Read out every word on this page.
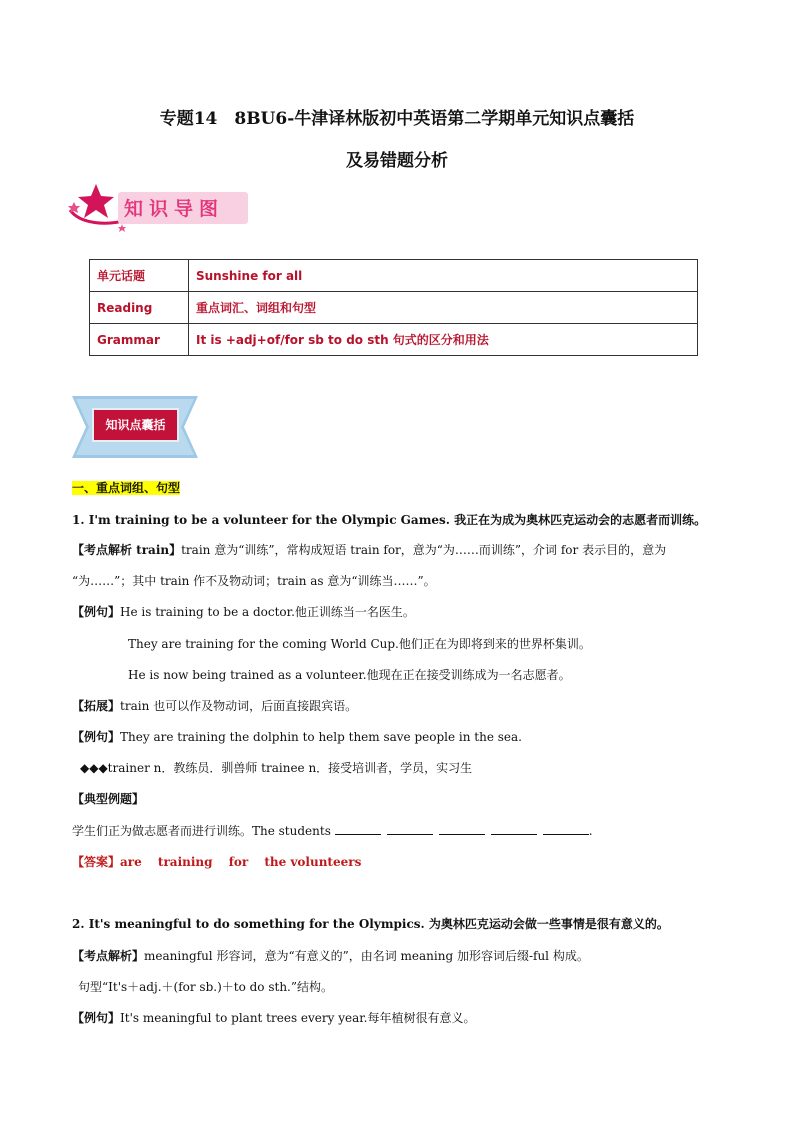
专题14　8BU6-牛津译林版初中英语第二学期单元知识点囊括
及易错题分析
知识导图
单元话题	Sunshine for all
Reading	重点词汇、词组和句型
Grammar	It is +adj+of/for sb to do sth 句式的区分和用法
知识点囊括
一、重点词组、句型
1. I'm training to be a volunteer for the Olympic Games. 我正在为成为奥林匹克运动会的志愿者而训练。
【考点解析 train】train 意为“训练”，常构成短语 train for，意为“为……而训练”，介词 for 表示目的，意为
“为……”；其中 train 作不及物动词；train as 意为“训练当……”。
【例句】He is training to be a doctor.他正训练当一名医生。
They are training for the coming World Cup.他们正在为即将到来的世界杯集训。
He is now being trained as a volunteer.他现在正在接受训练成为一名志愿者。
【拓展】train 也可以作及物动词，后面直接跟宾语。
【例句】They are training the dolphin to help them save people in the sea.
◆◆◆trainer n．教练员．驯兽师 trainee n．接受培训者，学员，实习生
【典型例题】
学生们正为做志愿者而进行训练。The students	.
【答案】are　 training　 for　 the volunteers
2. It's meaningful to do something for the Olympics. 为奥林匹克运动会做一些事情是很有意义的。
【考点解析】meaningful 形容词，意为“有意义的”，由名词 meaning 加形容词后缀-ful 构成。
句型“It's＋adj.＋(for sb.)＋to do sth.”结构。
【例句】It's meaningful to plant trees every year.每年植树很有意义。
